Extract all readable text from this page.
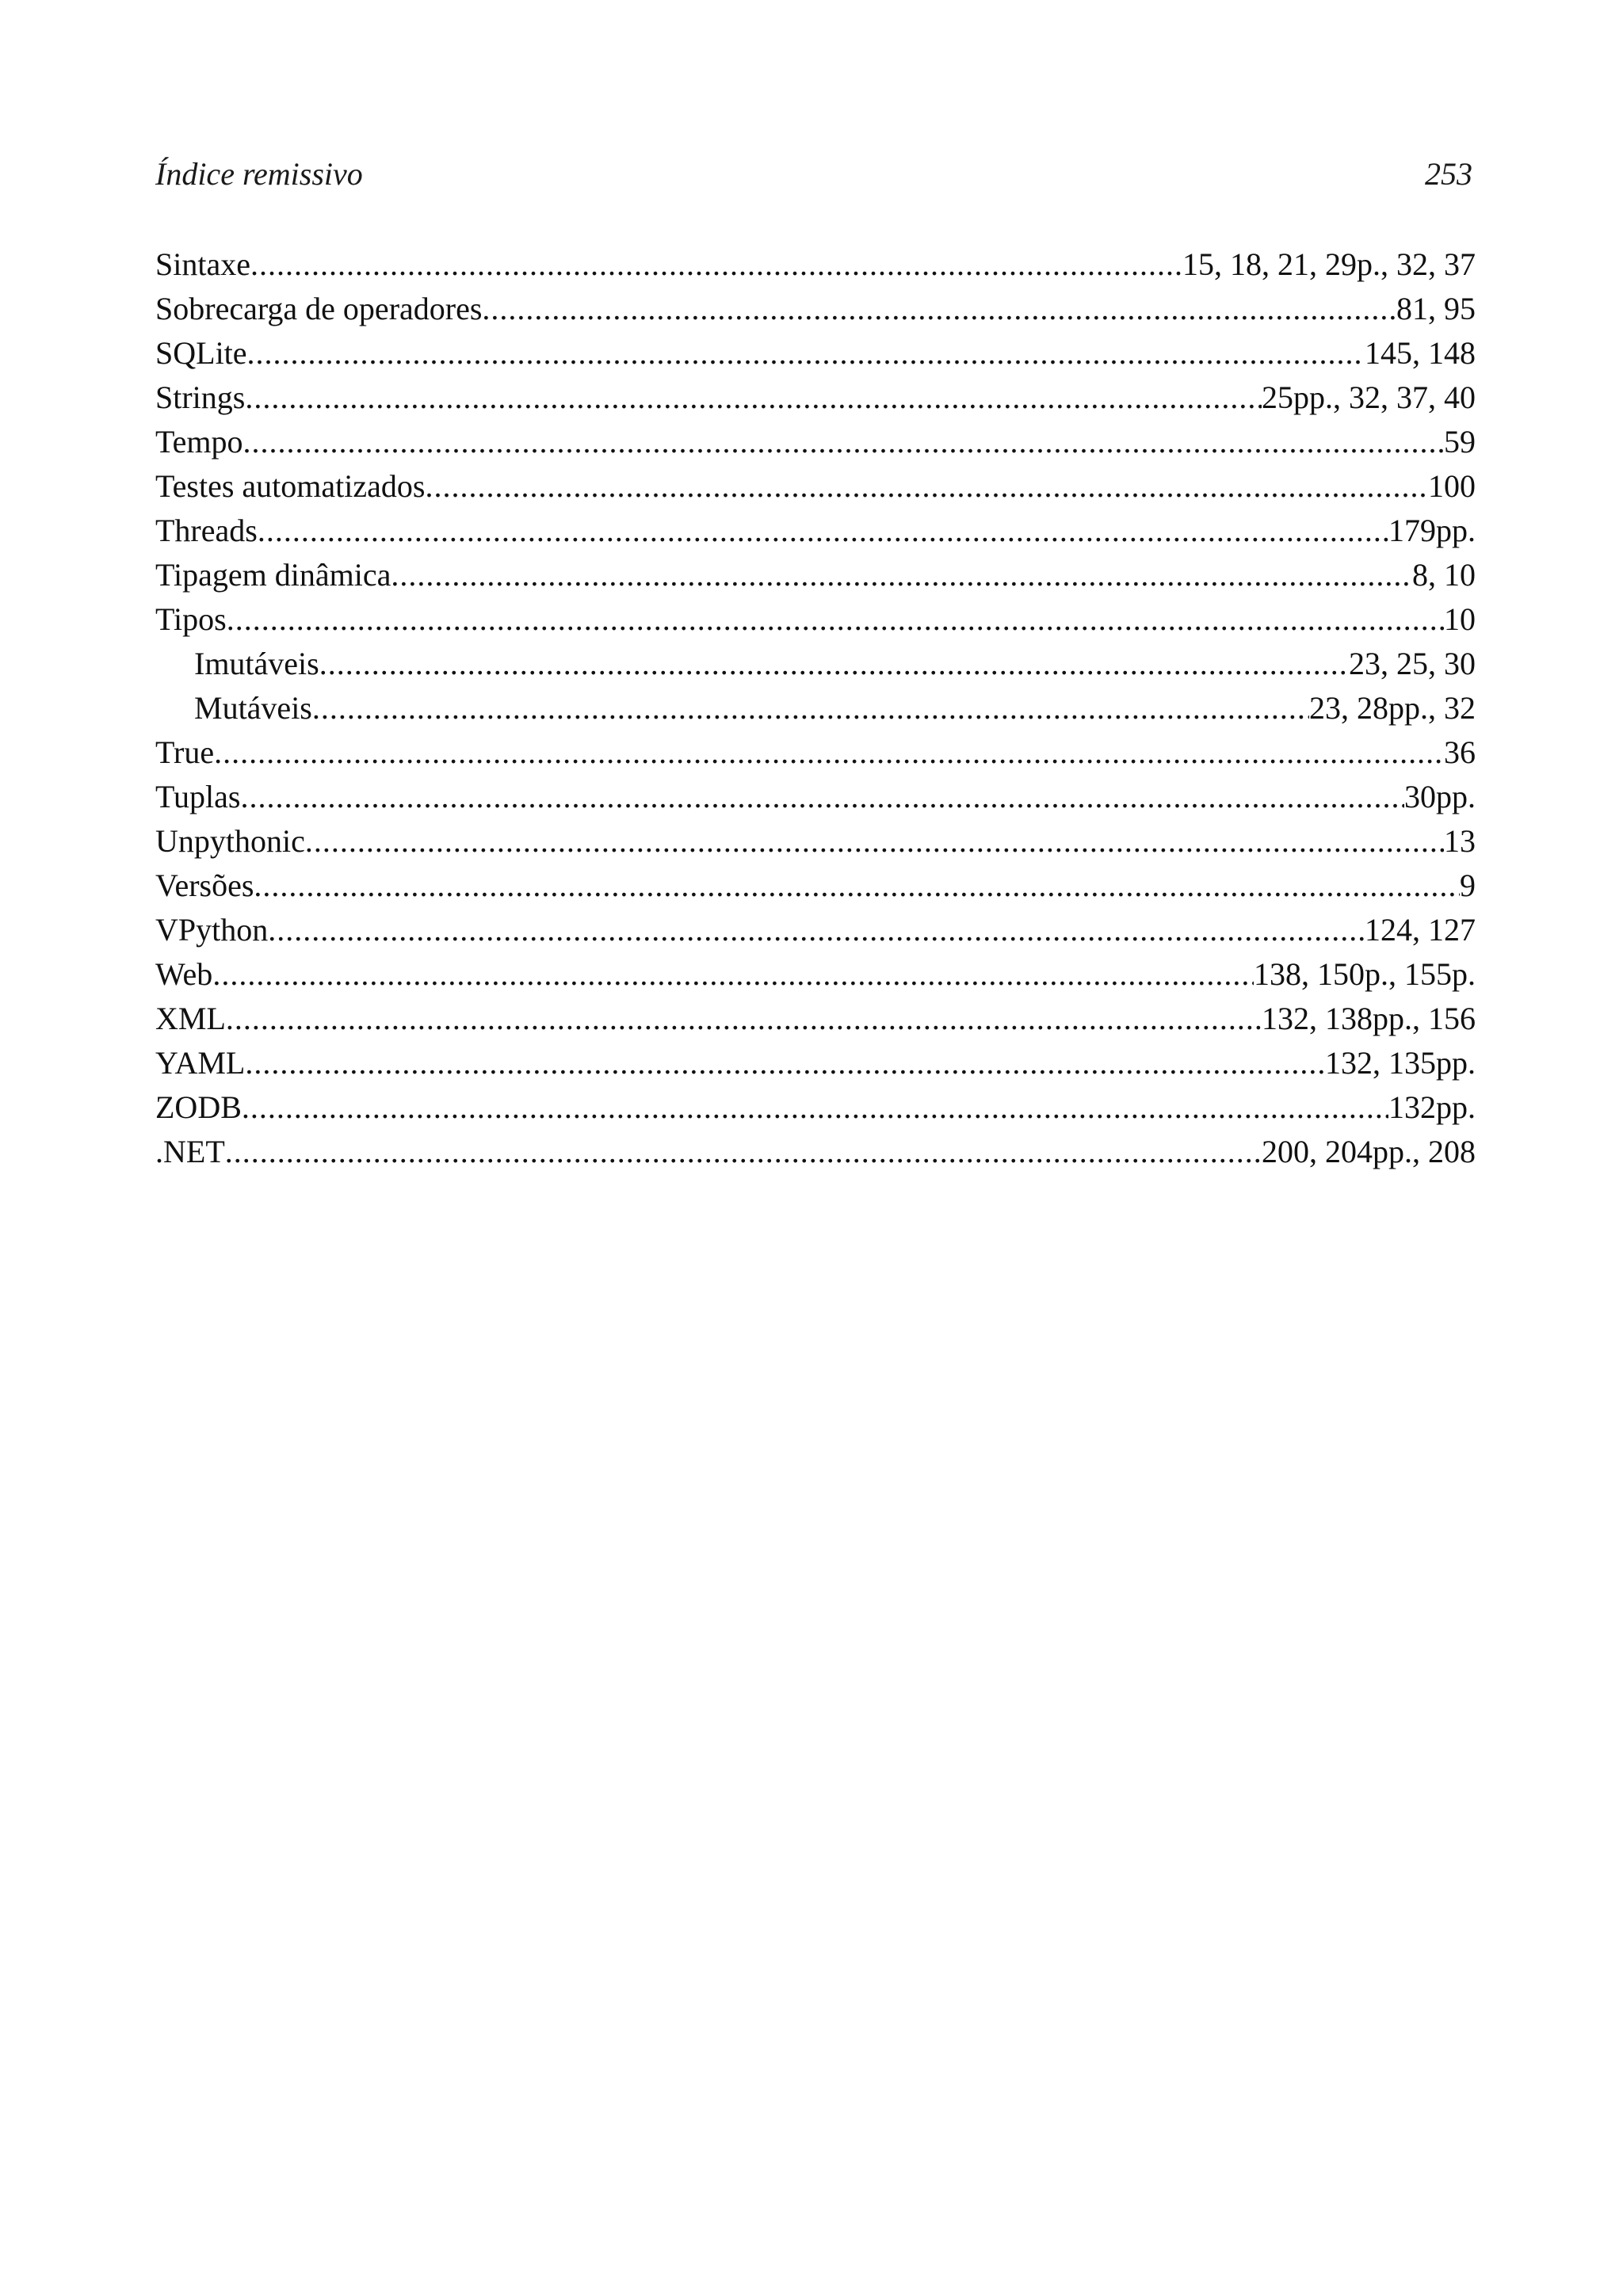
Índice remissivo	253
Sintaxe .....	15, 18, 21, 29p., 32, 37
Sobrecarga de operadores .....	81, 95
SQLite .....	145, 148
Strings .....	25pp., 32, 37, 40
Tempo .....	59
Testes automatizados .....	100
Threads .....	179pp.
Tipagem dinâmica .....	8, 10
Tipos .....	10
Imutáveis .....	23, 25, 30
Mutáveis .....	23, 28pp., 32
True .....	36
Tuplas .....	30pp.
Unpythonic .....	13
Versões .....	9
VPython .....	124, 127
Web .....	138, 150p., 155p.
XML .....	132, 138pp., 156
YAML .....	132, 135pp.
ZODB .....	132pp.
.NET .....	200, 204pp., 208
